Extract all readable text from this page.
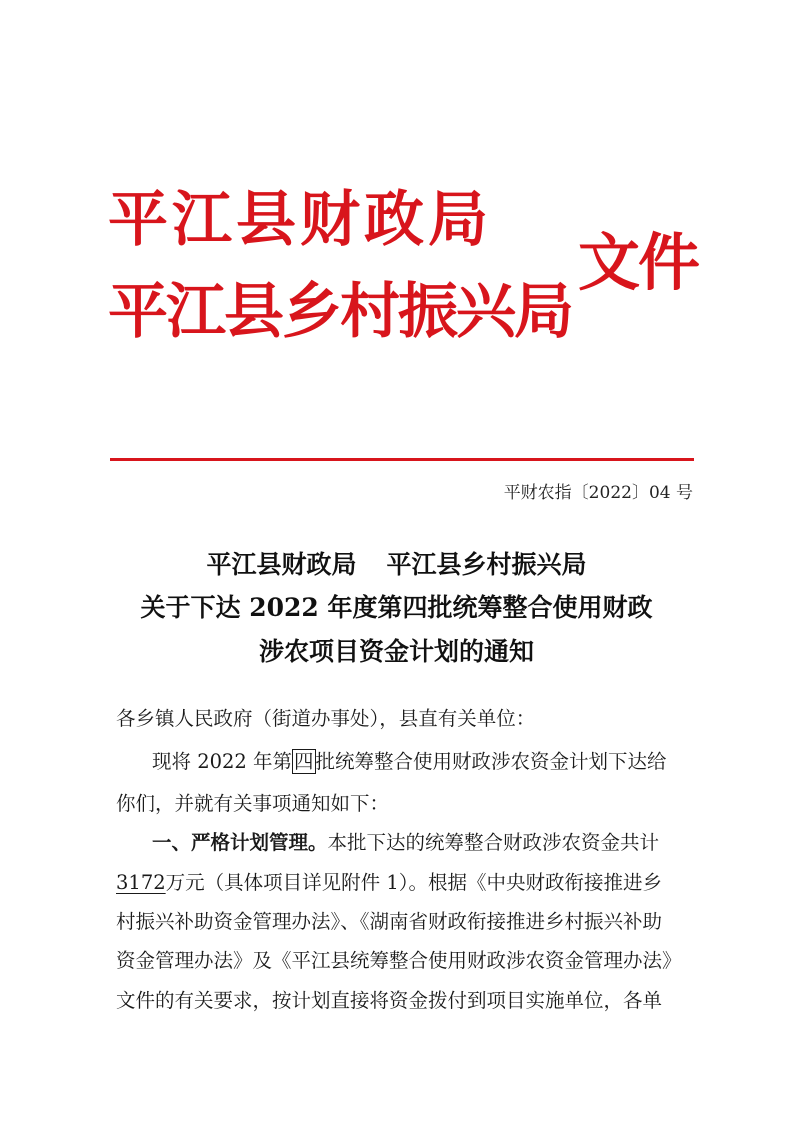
平江县财政局
平江县乡村振兴局
文件
平财农指〔2022〕04 号
平江县财政局 平江县乡村振兴局
关于下达 2022 年度第四批统筹整合使用财政
涉农项目资金计划的通知
各乡镇人民政府（街道办事处），县直有关单位：
现将 2022 年第 四 批统筹整合使用财政涉农资金计划下达给
你们，并就有关事项通知如下：
一、严格计划管理。本批下达的统筹整合财政涉农资金共计
3172万元（具体项目详见附件 1）。根据《中央财政衔接推进乡
村振兴补助资金管理办法》、《湖南省财政衔接推进乡村振兴补助
资金管理办法》及《平江县统筹整合使用财政涉农资金管理办法》
文件的有关要求，按计划直接将资金拨付到项目实施单位，各单
